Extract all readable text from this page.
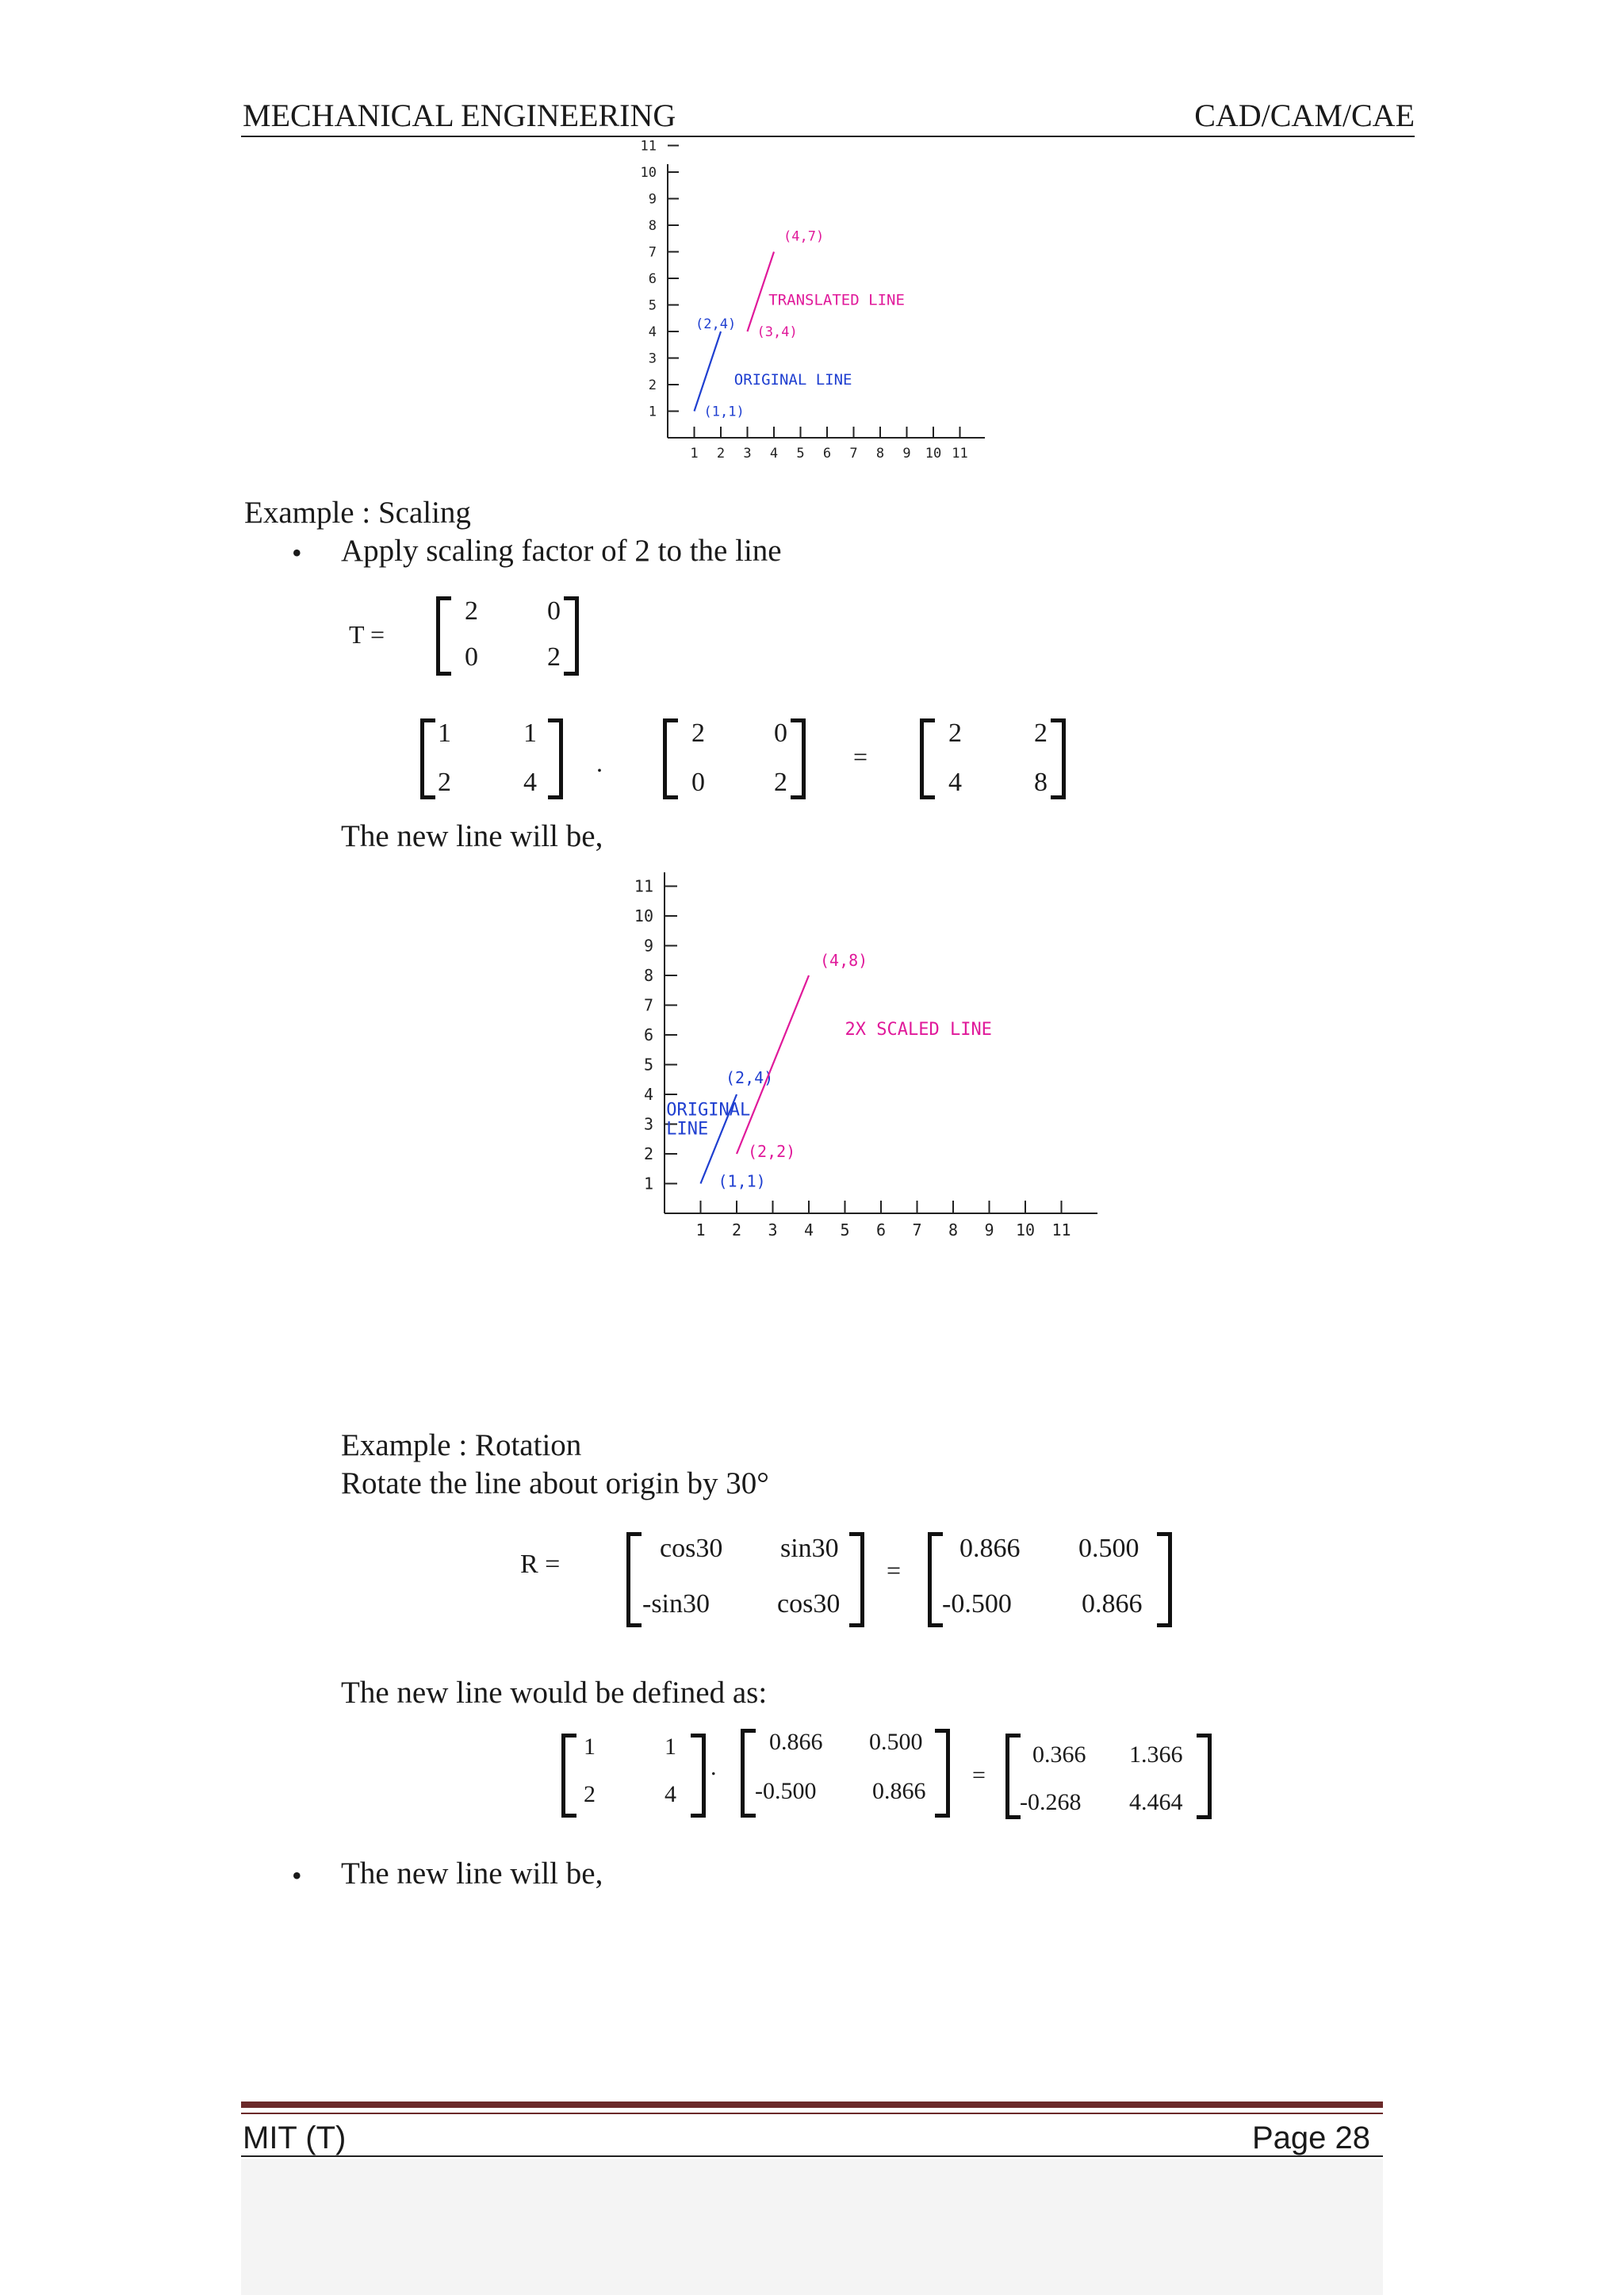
MECHANICAL ENGINEERING	CAD/CAM/CAE
1 2 3 4 5 6 7 8 9 10 11
1
2
3
4
5
6
7
8
9
10
11
(1,1)
(2,4)
ORIGINAL LINE
(3,4)
(4,7)
TRANSLATED LINE
Example : Scaling
• Apply scaling factor of 2 to the line
T =
2	0
0	2
1	1
2	4
.
2	0
0	2
=
2	2
4	8
The new line will be,
1 2 3 4 5 6 7 8 9 10 11
1
2
3
4
5
6
7
8
9
10
11
(1,1)
(2,4)
ORIGINAL
LINE
(2,2)
(4,8)
2X SCALED LINE
Example : Rotation
Rotate the line about origin by 30°
R =
cos30 sin30
-sin30	cos30
=
0.866 0.500
-0.500	0.866
The new line would be defined as:
1	1
2	4
.
0.866 0.500
-0.500 0.866
=
0.366 1.366
-0.268 4.464
• The new line will be,
MIT (T)	Page 28
